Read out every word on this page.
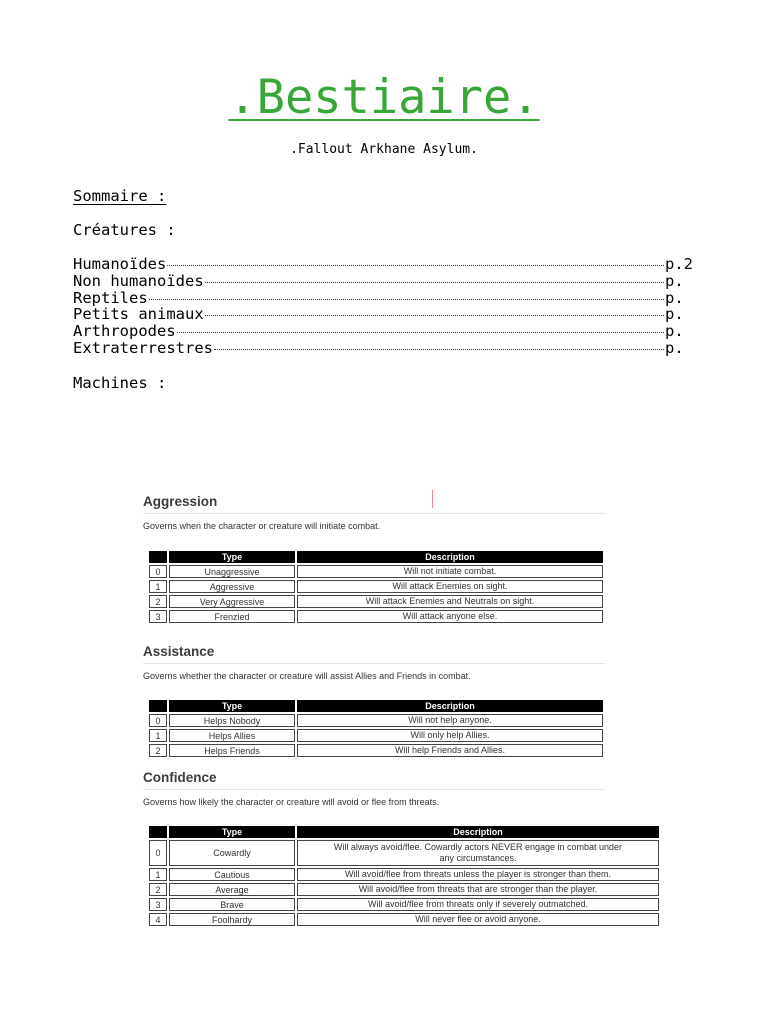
.Bestiaire.
.Fallout Arkhane Asylum.
Sommaire :
Créatures :
Humanoïdes	p.2
Non humanoïdes	p.
Reptiles	p.
Petits animaux	p.
Arthropodes	p.
Extraterrestres	p.
Machines :
Aggression
Governs when the character or creature will initiate combat.
	Type	Description
0	Unaggressive	Will not initiate combat.
1	Aggressive	Will attack Enemies on sight.
2	Very Aggressive	Will attack Enemies and Neutrals on sight.
3	Frenzied	Will attack anyone else.
Assistance
Governs whether the character or creature will assist Allies and Friends in combat.
	Type	Description
0	Helps Nobody	Will not help anyone.
1	Helps Allies	Will only help Allies.
2	Helps Friends	Will help Friends and Allies.
Confidence
Governs how likely the character or creature will avoid or flee from threats.
	Type	Description
0	Cowardly	Will always avoid/flee. Cowardly actors NEVER engage in combat under any circumstances.
1	Cautious	Will avoid/flee from threats unless the player is stronger than them.
2	Average	Will avoid/flee from threats that are stronger than the player.
3	Brave	Will avoid/flee from threats only if severely outmatched.
4	Foolhardy	Will never flee or avoid anyone.
